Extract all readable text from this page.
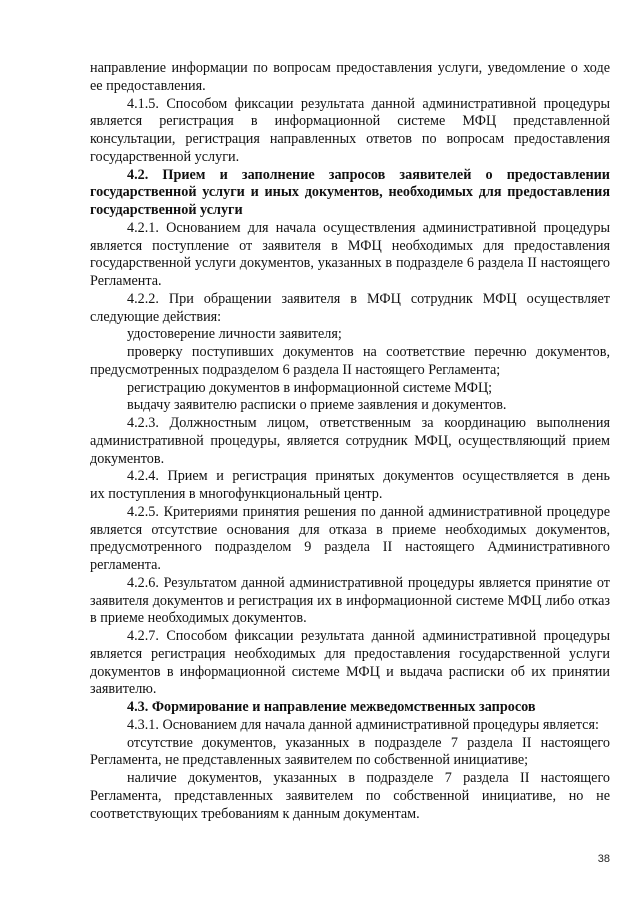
направление информации по вопросам предоставления услуги, уведомление о ходе ее предоставления.

4.1.5. Способом фиксации результата данной административной процедуры является регистрация в информационной системе МФЦ представленной консультации, регистрация направленных ответов по вопросам предоставления государственной услуги.

4.2. Прием и заполнение запросов заявителей о предоставлении государственной услуги и иных документов, необходимых для предоставления государственной услуги

4.2.1. Основанием для начала осуществления административной процедуры является поступление от заявителя в МФЦ необходимых для предоставления государственной услуги документов, указанных в подразделе 6 раздела II настоящего Регламента.

4.2.2. При обращении заявителя в МФЦ сотрудник МФЦ осуществляет следующие действия:

удостоверение личности заявителя;

проверку поступивших документов на соответствие перечню документов, предусмотренных подразделом 6 раздела II настоящего Регламента;

регистрацию документов в информационной системе МФЦ;

выдачу заявителю расписки о приеме заявления и документов.

4.2.3. Должностным лицом, ответственным за координацию выполнения административной процедуры, является сотрудник МФЦ, осуществляющий прием документов.

4.2.4. Прием и регистрация принятых документов осуществляется в день

их поступления в многофункциональный центр.

4.2.5. Критериями принятия решения по данной административной процедуре является отсутствие основания для отказа в приеме необходимых документов, предусмотренного подразделом 9 раздела II настоящего Административного регламента.

4.2.6. Результатом данной административной процедуры является принятие от заявителя документов и регистрация их в информационной системе МФЦ либо отказ в приеме необходимых документов.

4.2.7. Способом фиксации результата данной административной процедуры является регистрация необходимых для предоставления государственной услуги документов в информационной системе МФЦ и выдача расписки об их принятии заявителю.

4.3. Формирование и направление межведомственных запросов

4.3.1. Основанием для начала данной административной процедуры является:

отсутствие документов, указанных в подразделе 7 раздела II настоящего Регламента, не представленных заявителем по собственной инициативе;

наличие документов, указанных в подразделе 7 раздела II настоящего Регламента, представленных заявителем по собственной инициативе, но не соответствующих требованиям к данным документам.

38
